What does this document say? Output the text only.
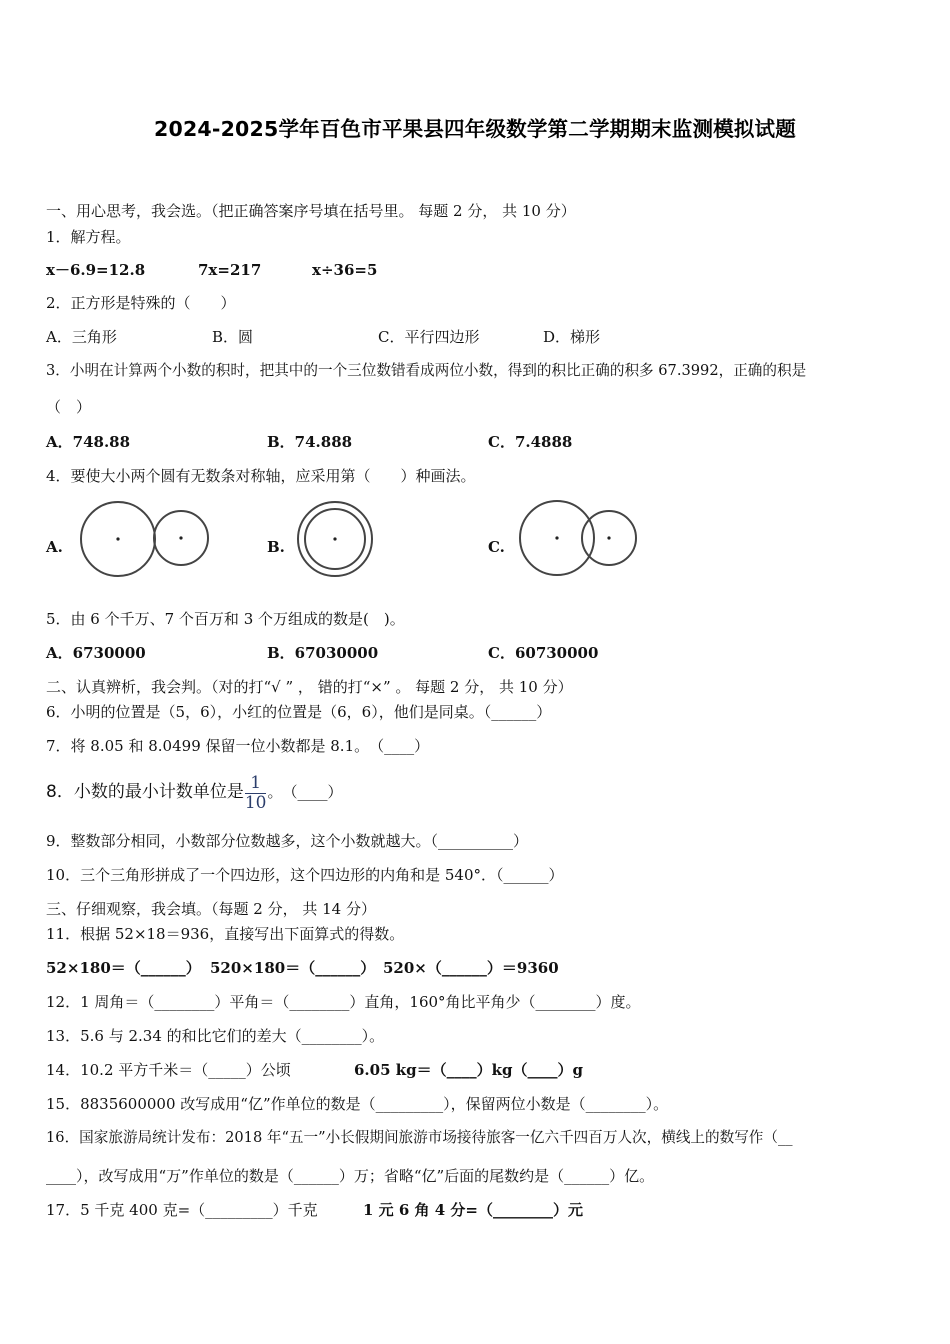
2024-2025学年百色市平果县四年级数学第二学期期末监测模拟试题
一、用心思考，我会选。（把正确答案序号填在括号里。 每题 2 分， 共 10 分）
1．解方程。
x－6.9=12.8	7x=217	x÷36=5
2．正方形是特殊的（　　）
A．三角形	B．圆	C．平行四边形	D．梯形
3．小明在计算两个小数的积时，把其中的一个三位数错看成两位小数，得到的积比正确的积多 67.3992，正确的积是
（　）
A．748.88	B．74.888	C．7.4888
4．要使大小两个圆有无数条对称轴，应采用第（　　）种画法。
A.	B.	C.
5．由 6 个千万、7 个百万和 3 个万组成的数是(　)。
A．6730000	B．67030000	C．60730000
二、认真辨析，我会判。（对的打“√ ” ， 错的打“×” 。 每题 2 分， 共 10 分）
6．小明的位置是（5，6），小红的位置是（6，6），他们是同桌。（______）
7．将 8.05 和 8.0499 保留一位小数都是 8.1。　（____）
8．小数的最小计数单位是 $\frac{1}{10}$ 。　（____）
9．整数部分相同，小数部分位数越多，这个小数就越大。（__________）
10．三个三角形拼成了一个四边形，这个四边形的内角和是 540°．（______）
三、仔细观察，我会填。（每题 2 分， 共 14 分）
11．根据 52×18＝936，直接写出下面算式的得数。
52×180＝（______） 520×180＝（______） 520×（______）＝9360
12．1 周角＝（________）平角＝（________）直角，160°角比平角少（________）度。
13．5.6 与 2.34 的和比它们的差大（________）。
14．10.2 平方千米＝（_____）公顷	6.05 kg＝（____）kg（____）g
15．8835600000 改写成用“亿”作单位的数是（_________），保留两位小数是（________）。
16．国家旅游局统计发布：2018 年“五一”小长假期间旅游市场接待旅客一亿六千四百万人次，横线上的数写作（__
____），改写成用“万”作单位的数是（______）万；省略“亿”后面的尾数约是（______）亿。
17．5 千克 400 克=（_________）千克	1 元 6 角 4 分=（________）元
